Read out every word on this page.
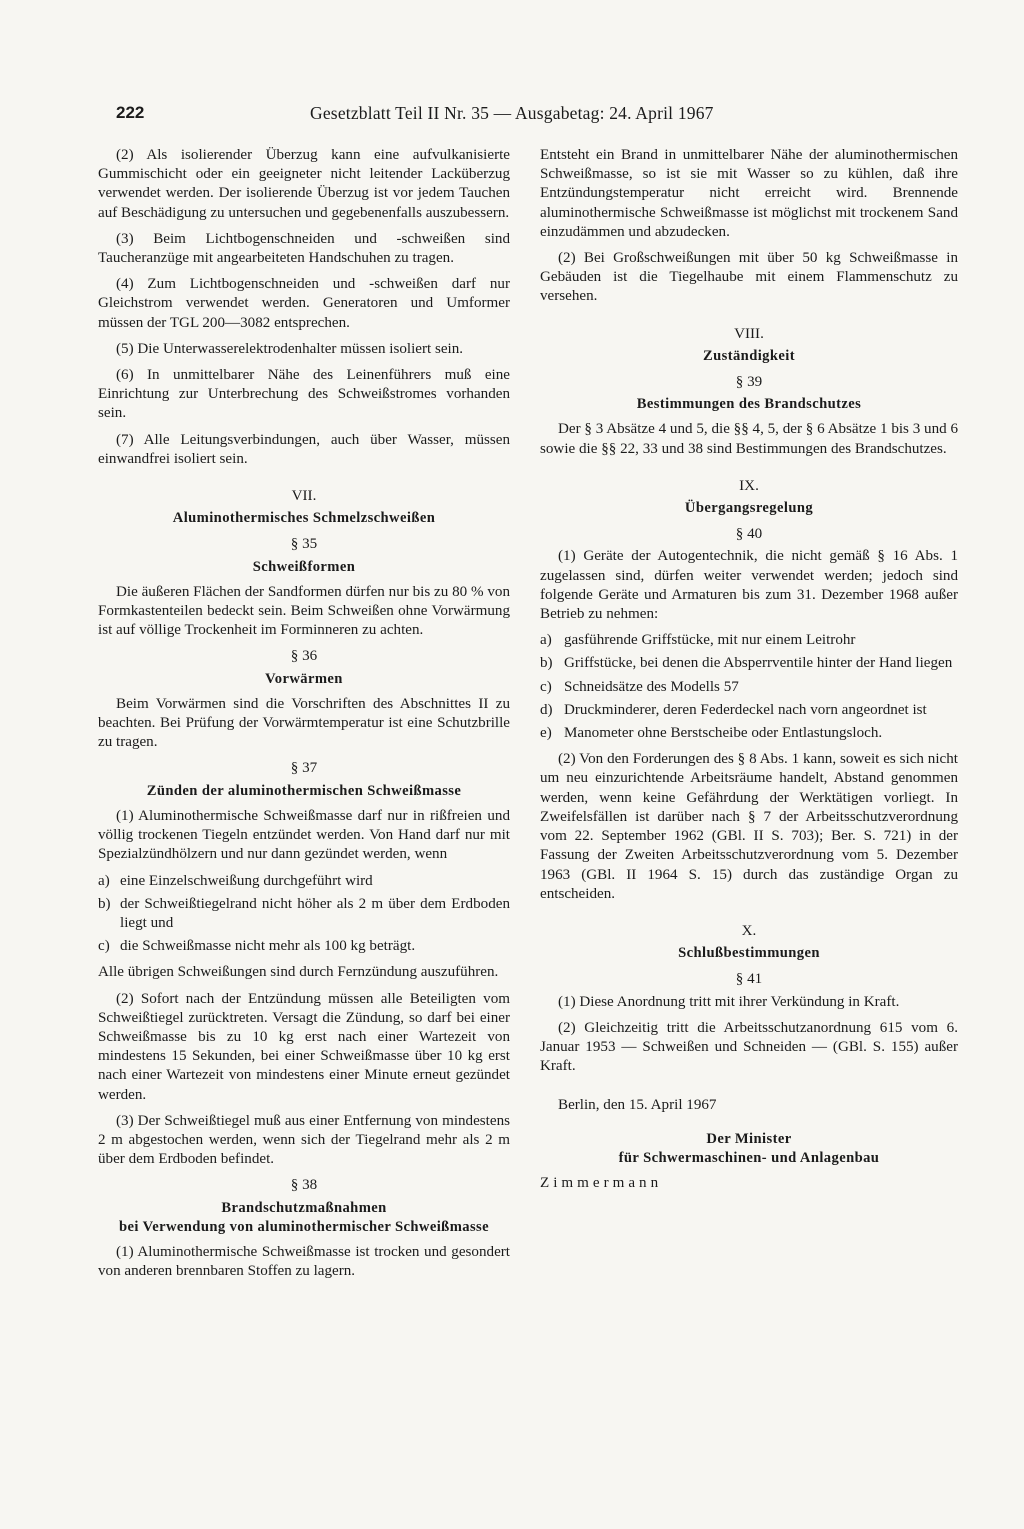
222	Gesetzblatt Teil II Nr. 35 — Ausgabetag: 24. April 1967

(2) Als isolierender Überzug kann eine aufvulkanisierte Gummischicht oder ein geeigneter nicht leitender Lacküberzug verwendet werden. Der isolierende Überzug ist vor jedem Tauchen auf Beschädigung zu untersuchen und gegebenenfalls auszubessern.

(3) Beim Lichtbogenschneiden und -schweißen sind Taucheranzüge mit angearbeiteten Handschuhen zu tragen.

(4) Zum Lichtbogenschneiden und -schweißen darf nur Gleichstrom verwendet werden. Generatoren und Umformer müssen der TGL 200—3082 entsprechen.

(5) Die Unterwasserelektrodenhalter müssen isoliert sein.

(6) In unmittelbarer Nähe des Leinenführers muß eine Einrichtung zur Unterbrechung des Schweißstromes vorhanden sein.

(7) Alle Leitungsverbindungen, auch über Wasser, müssen einwandfrei isoliert sein.

VII.

Aluminothermisches Schmelzschweißen

§ 35

Schweißformen

Die äußeren Flächen der Sandformen dürfen nur bis zu 80 % von Formkastenteilen bedeckt sein. Beim Schweißen ohne Vorwärmung ist auf völlige Trockenheit im Forminneren zu achten.

§ 36

Vorwärmen

Beim Vorwärmen sind die Vorschriften des Abschnittes II zu beachten. Bei Prüfung der Vorwärmtemperatur ist eine Schutzbrille zu tragen.

§ 37

Zünden der aluminothermischen Schweißmasse

(1) Aluminothermische Schweißmasse darf nur in rißfreien und völlig trockenen Tiegeln entzündet werden. Von Hand darf nur mit Spezialzündhölzern und nur dann gezündet werden, wenn

a) eine Einzelschweißung durchgeführt wird
b) der Schweißtiegelrand nicht höher als 2 m über dem Erdboden liegt und
c) die Schweißmasse nicht mehr als 100 kg beträgt.

Alle übrigen Schweißungen sind durch Fernzündung auszuführen.

(2) Sofort nach der Entzündung müssen alle Beteiligten vom Schweißtiegel zurücktreten. Versagt die Zündung, so darf bei einer Schweißmasse bis zu 10 kg erst nach einer Wartezeit von mindestens 15 Sekunden, bei einer Schweißmasse über 10 kg erst nach einer Wartezeit von mindestens einer Minute erneut gezündet werden.

(3) Der Schweißtiegel muß aus einer Entfernung von mindestens 2 m abgestochen werden, wenn sich der Tiegelrand mehr als 2 m über dem Erdboden befindet.

§ 38

Brandschutzmaßnahmen

bei Verwendung von aluminothermischer Schweißmasse

(1) Aluminothermische Schweißmasse ist trocken und gesondert von anderen brennbaren Stoffen zu lagern.

Entsteht ein Brand in unmittelbarer Nähe der aluminothermischen Schweißmasse, so ist sie mit Wasser so zu kühlen, daß ihre Entzündungstemperatur nicht erreicht wird. Brennende aluminothermische Schweißmasse ist möglichst mit trockenem Sand einzudämmen und abzudecken.

(2) Bei Großschweißungen mit über 50 kg Schweißmasse in Gebäuden ist die Tiegelhaube mit einem Flammenschutz zu versehen.

VIII.

Zuständigkeit

§ 39

Bestimmungen des Brandschutzes

Der § 3 Absätze 4 und 5, die §§ 4, 5, der § 6 Absätze 1 bis 3 und 6 sowie die §§ 22, 33 und 38 sind Bestimmungen des Brandschutzes.

IX.

Übergangsregelung

§ 40

(1) Geräte der Autogentechnik, die nicht gemäß § 16 Abs. 1 zugelassen sind, dürfen weiter verwendet werden; jedoch sind folgende Geräte und Armaturen bis zum 31. Dezember 1968 außer Betrieb zu nehmen:

a) gasführende Griffstücke, mit nur einem Leitrohr
b) Griffstücke, bei denen die Absperrventile hinter der Hand liegen
c) Schneidsätze des Modells 57
d) Druckminderer, deren Federdeckel nach vorn angeordnet ist
e) Manometer ohne Berstscheibe oder Entlastungsloch.

(2) Von den Forderungen des § 8 Abs. 1 kann, soweit es sich nicht um neu einzurichtende Arbeitsräume handelt, Abstand genommen werden, wenn keine Gefährdung der Werktätigen vorliegt. In Zweifelsfällen ist darüber nach § 7 der Arbeitsschutzverordnung vom 22. September 1962 (GBl. II S. 703); Ber. S. 721) in der Fassung der Zweiten Arbeitsschutzverordnung vom 5. Dezember 1963 (GBl. II 1964 S. 15) durch das zuständige Organ zu entscheiden.

X.

Schlußbestimmungen

§ 41

(1) Diese Anordnung tritt mit ihrer Verkündung in Kraft.

(2) Gleichzeitig tritt die Arbeitsschutzanordnung 615 vom 6. Januar 1953 — Schweißen und Schneiden — (GBl. S. 155) außer Kraft.

Berlin, den 15. April 1967

Der Minister

für Schwermaschinen- und Anlagenbau

Zimmermann
